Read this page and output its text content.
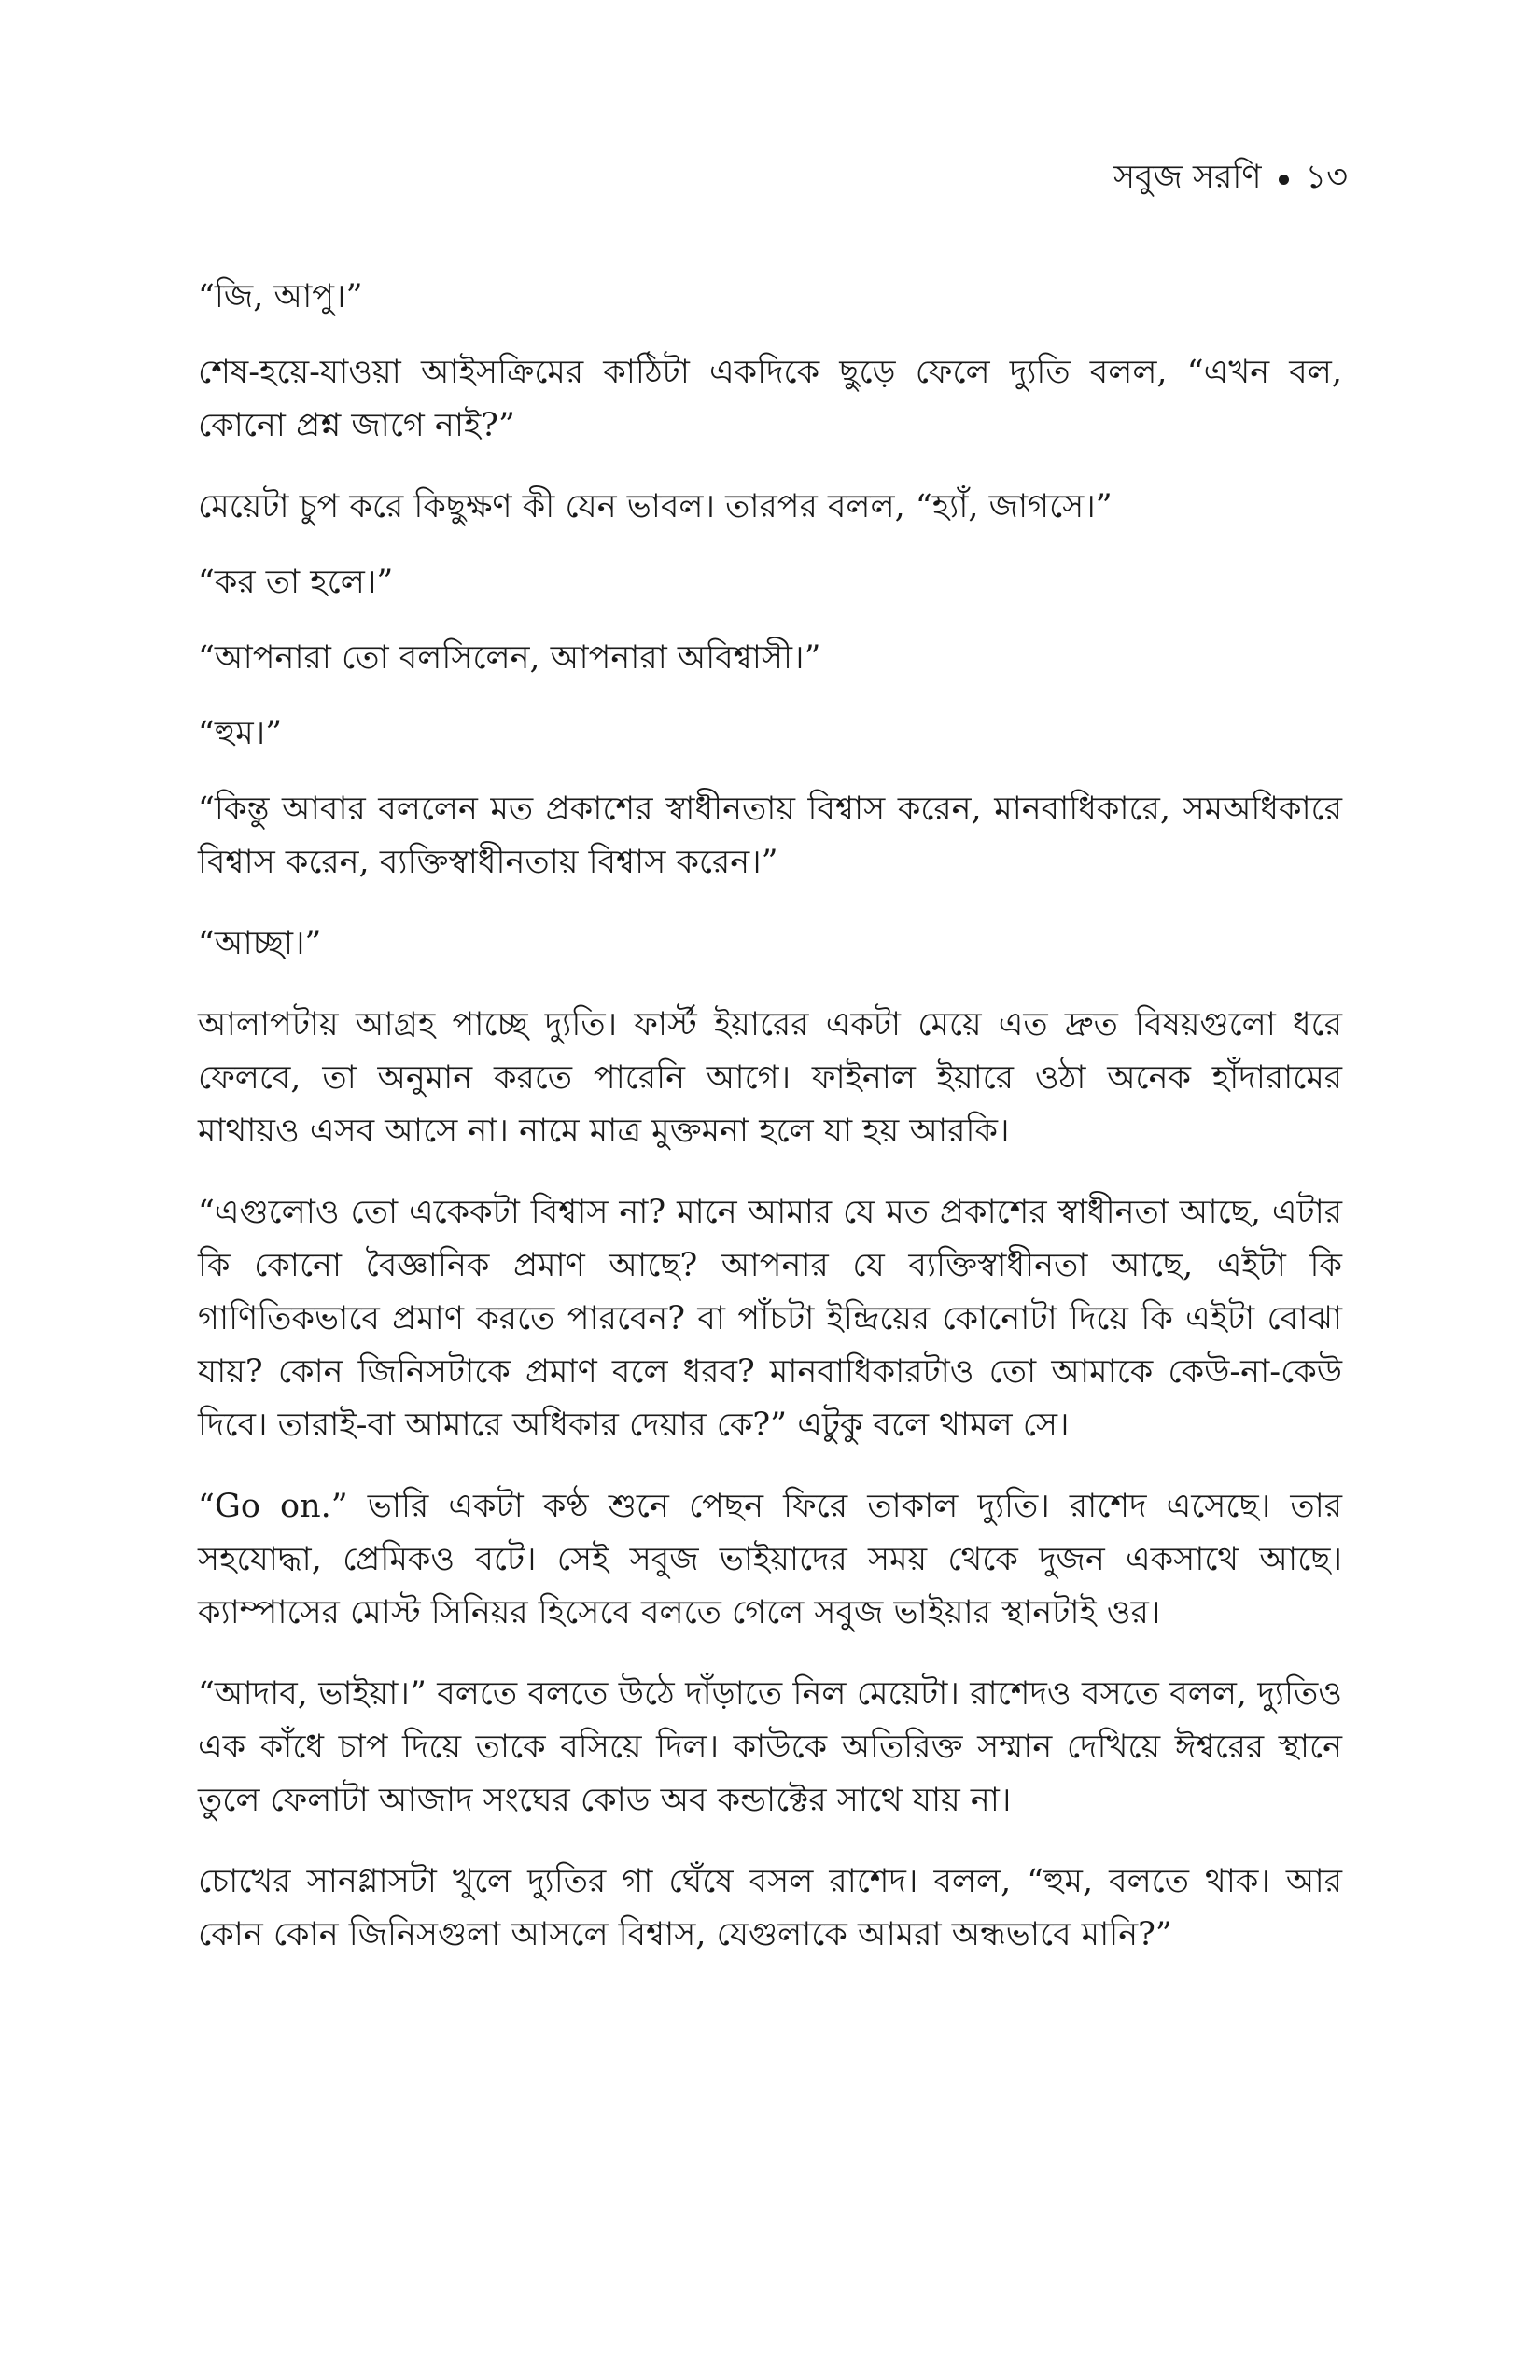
সবুজ সরণি ১৩

“জি, আপু।”

শেষ-হয়ে-যাওয়া আইসক্রিমের কাঠিটা একদিকে ছুড়ে ফেলে দ্যুতি বলল, “এখন বল, কোনো প্রশ্ন জাগে নাই?”

মেয়েটা চুপ করে কিছুক্ষণ কী যেন ভাবল। তারপর বলল, “হ্যাঁ, জাগসে।”

“কর তা হলে।”

“আপনারা তো বলসিলেন, আপনারা অবিশ্বাসী।”

“হুম।”

“কিন্তু আবার বললেন মত প্রকাশের স্বাধীনতায় বিশ্বাস করেন, মানবাধিকারে, সমঅধিকারে বিশ্বাস করেন, ব্যক্তিস্বাধীনতায় বিশ্বাস করেন।”

“আচ্ছা।”

আলাপটায় আগ্রহ পাচ্ছে দ্যুতি। ফার্স্ট ইয়ারের একটা মেয়ে এত দ্রুত বিষয়গুলো ধরে ফেলবে, তা অনুমান করতে পারেনি আগে। ফাইনাল ইয়ারে ওঠা অনেক হাঁদারামের মাথায়ও এসব আসে না। নামে মাত্র মুক্তমনা হলে যা হয় আরকি।

“এগুলোও তো একেকটা বিশ্বাস না? মানে আমার যে মত প্রকাশের স্বাধীনতা আছে, এটার কি কোনো বৈজ্ঞানিক প্রমাণ আছে? আপনার যে ব্যক্তিস্বাধীনতা আছে, এইটা কি গাণিতিকভাবে প্রমাণ করতে পারবেন? বা পাঁচটা ইন্দ্রিয়ের কোনোটা দিয়ে কি এইটা বোঝা যায়? কোন জিনিসটাকে প্রমাণ বলে ধরব? মানবাধিকারটাও তো আমাকে কেউ-না-কেউ দিবে। তারাই-বা আমারে অধিকার দেয়ার কে?” এটুকু বলে থামল সে।

“Go on.” ভারি একটা কণ্ঠ শুনে পেছন ফিরে তাকাল দ্যুতি। রাশেদ এসেছে। তার সহযোদ্ধা, প্রেমিকও বটে। সেই সবুজ ভাইয়াদের সময় থেকে দুজন একসাথে আছে। ক্যাম্পাসের মোস্ট সিনিয়র হিসেবে বলতে গেলে সবুজ ভাইয়ার স্থানটাই ওর।

“আদাব, ভাইয়া।” বলতে বলতে উঠে দাঁড়াতে নিল মেয়েটা। রাশেদও বসতে বলল, দ্যুতিও এক কাঁধে চাপ দিয়ে তাকে বসিয়ে দিল। কাউকে অতিরিক্ত সম্মান দেখিয়ে ঈশ্বরের স্থানে তুলে ফেলাটা আজাদ সংঘের কোড অব কন্ডাক্টের সাথে যায় না।

চোখের সানগ্লাসটা খুলে দ্যুতির গা ঘেঁষে বসল রাশেদ। বলল, “হুম, বলতে থাক। আর কোন কোন জিনিসগুলা আসলে বিশ্বাস, যেগুলাকে আমরা অন্ধভাবে মানি?”
